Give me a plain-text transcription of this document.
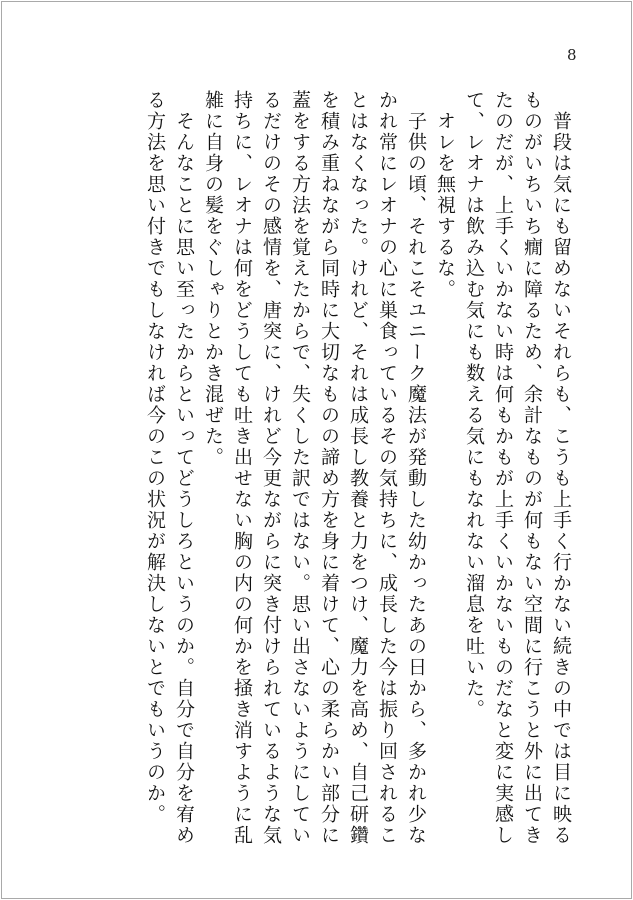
8

　普段は気にも留めないそれらも、こうも上手く行かない続きの中では目に映るものがいちいち癇に障るため、余計なものが何もない空間に行こうと外に出てきたのだが、上手くいかない時は何もかもが上手くいかないものだなと変に実感して、レオナは飲み込む気にも数える気にもなれない溜息を吐いた。

　オレを無視するな。

　子供の頃、それこそユニーク魔法が発動した幼かったあの日から、多かれ少なかれ常にレオナの心に巣食っているその気持ちに、成長した今は振り回されることはなくなった。けれど、それは成長し教養と力をつけ、魔力を高め、自己研鑽を積み重ねながら同時に大切なものの諦め方を身に着けて、心の柔らかい部分に蓋をする方法を覚えたからで、失くした訳ではない。思い出さないようにしているだけのその感情を、唐突に、けれど今更ながらに突き付けられているような気持ちに、レオナは何をどうしても吐き出せない胸の内の何かを掻き消すように乱雑に自身の髪をぐしゃりとかき混ぜた。

　そんなことに思い至ったからといってどうしろというのか。自分で自分を宥める方法を思い付きでもしなければ今のこの状況が解決しないとでもいうのか。
